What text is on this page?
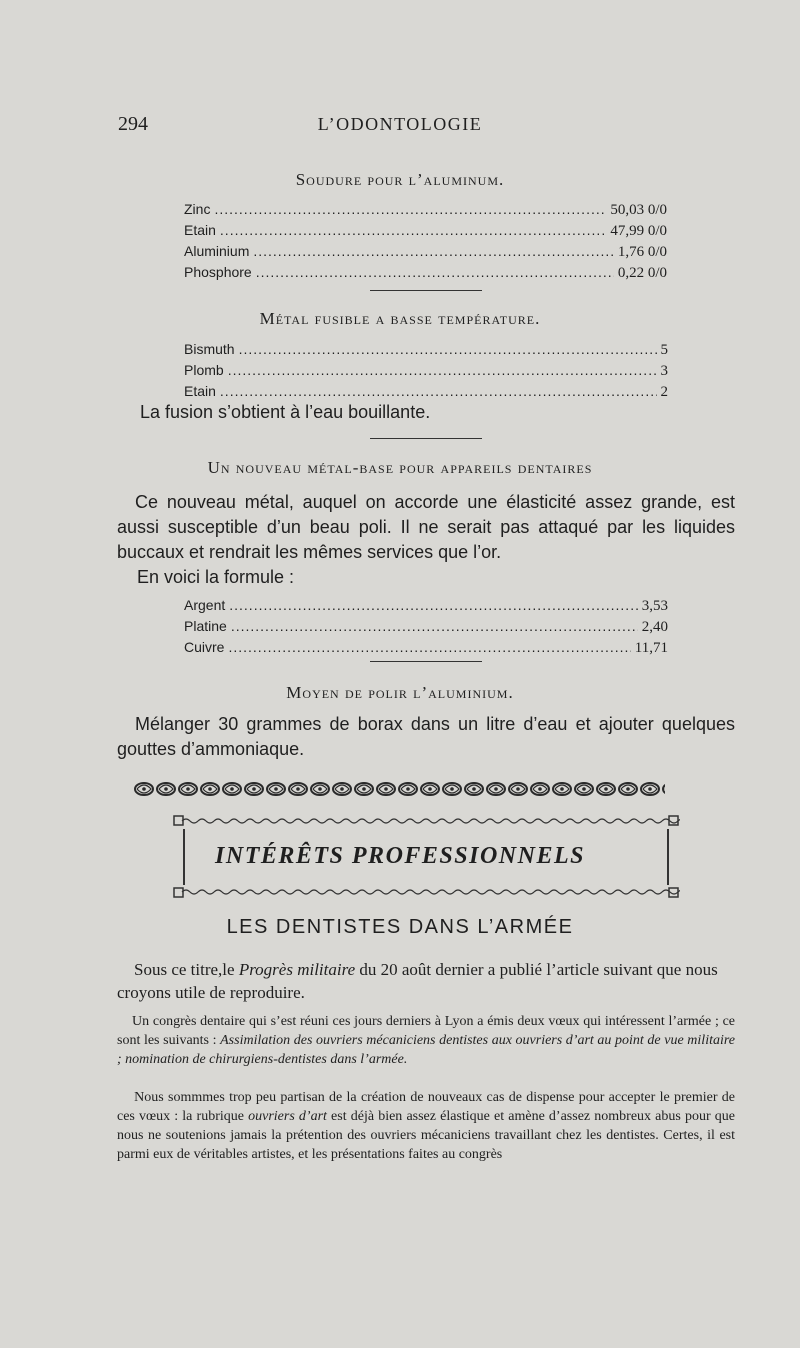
294	L’ODONTOLOGIE
Soudure pour l’aluminum.
Zinc .....	50,03 0/0
Etain .....	47,99 0/0
Aluminium .....	1,76 0/0
Phosphore .....	0,22 0/0
Métal fusible a basse température.
Bismuth .....	5
Plomb .....	3
Etain .....	2
La fusion s’obtient à l’eau bouillante.
Un nouveau métal-base pour appareils dentaires
Ce nouveau métal, auquel on accorde une élasticité assez grande, est aussi susceptible d’un beau poli. Il ne serait pas attaqué par les liquides buccaux et rendrait les mêmes services que l’or.
En voici la formule :
Argent .....	3,53
Platine .....	2,40
Cuivre .....	11,71
Moyen de polir l’aluminium.
Mélanger 30 grammes de borax dans un litre d’eau et ajouter quelques gouttes d’ammoniaque.
INTÉRÊTS PROFESSIONNELS
LES DENTISTES DANS L’ARMÉE
Sous ce titre,le Progrès militaire du 20 août dernier a publié l’article suivant que nous croyons utile de reproduire.
Un congrès dentaire qui s’est réuni ces jours derniers à Lyon a émis deux vœux qui intéressent l’armée ; ce sont les suivants : Assimilation des ouvriers mécaniciens dentistes aux ouvriers d’art au point de vue militaire ; nomination de chirurgiens-dentistes dans l’armée.
Nous sommmes trop peu partisan de la création de nouveaux cas de dispense pour accepter le premier de ces vœux : la rubrique ouvriers d’art est déjà bien assez élastique et amène d’assez nombreux abus pour que nous ne soutenions jamais la prétention des ouvriers mécaniciens travaillant chez les dentistes. Certes, il est parmi eux de véritables artistes, et les présentations faites au congrès
